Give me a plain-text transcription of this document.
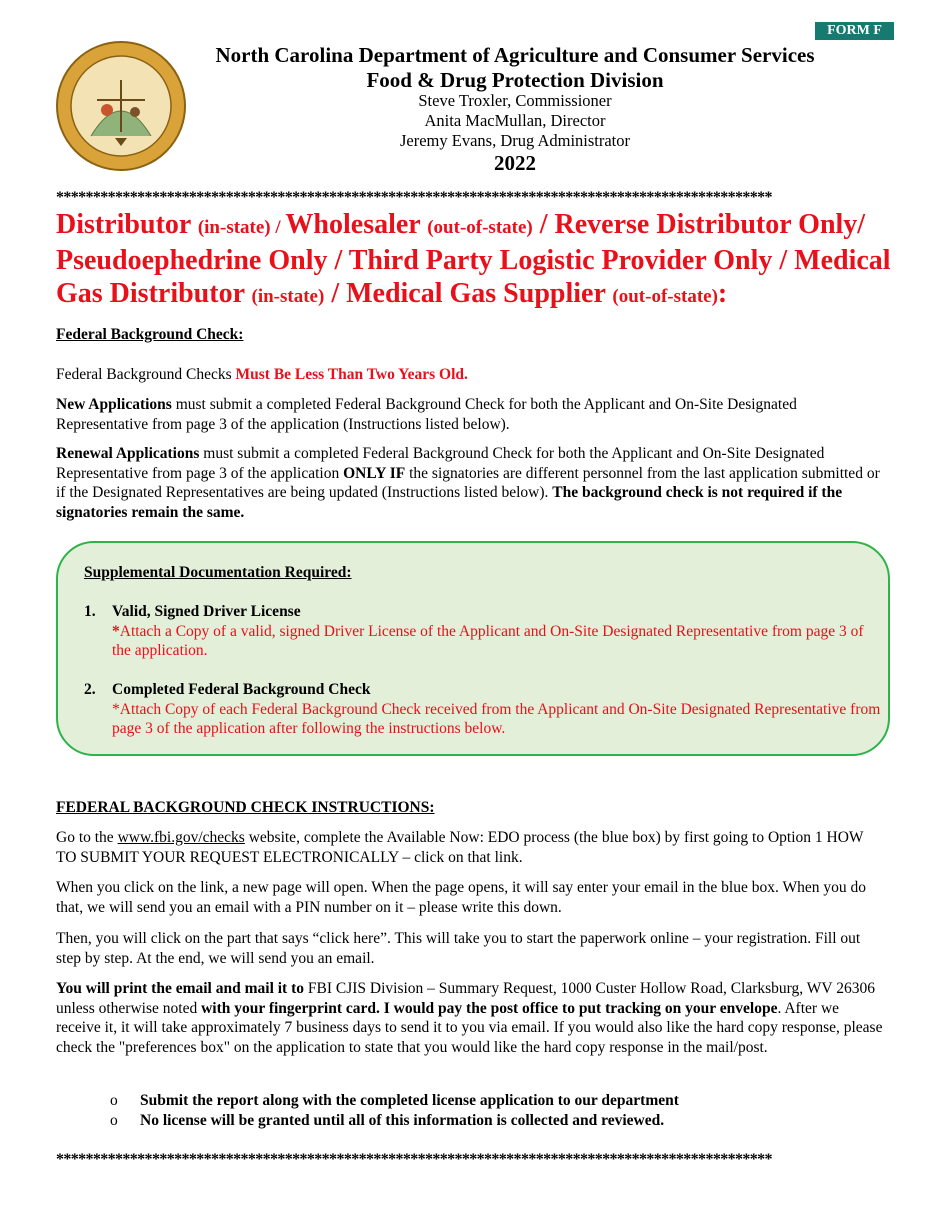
FORM F
North Carolina Department of Agriculture and Consumer Services
Food & Drug Protection Division
Steve Troxler, Commissioner
Anita MacMullan, Director
Jeremy Evans, Drug Administrator
2022
*************************************************************************************************
Distributor (in-state) / Wholesaler (out-of-state) / Reverse Distributor Only/ Pseudoephedrine Only / Third Party Logistic Provider Only / Medical Gas Distributor (in-state) / Medical Gas Supplier (out-of-state):
Federal Background Check:
Federal Background Checks Must Be Less Than Two Years Old.
New Applications must submit a completed Federal Background Check for both the Applicant and On-Site Designated Representative from page 3 of the application (Instructions listed below).
Renewal Applications must submit a completed Federal Background Check for both the Applicant and On-Site Designated Representative from page 3 of the application ONLY IF the signatories are different personnel from the last application submitted or if the Designated Representatives are being updated (Instructions listed below). The background check is not required if the signatories remain the same.
Supplemental Documentation Required:
1. Valid, Signed Driver License
*Attach a Copy of a valid, signed Driver License of the Applicant and On-Site Designated Representative from page 3 of the application.
2. Completed Federal Background Check
*Attach Copy of each Federal Background Check received from the Applicant and On-Site Designated Representative from page 3 of the application after following the instructions below.
FEDERAL BACKGROUND CHECK INSTRUCTIONS:
Go to the www.fbi.gov/checks website, complete the Available Now: EDO process (the blue box) by first going to Option 1 HOW TO SUBMIT YOUR REQUEST ELECTRONICALLY – click on that link.
When you click on the link, a new page will open. When the page opens, it will say enter your email in the blue box. When you do that, we will send you an email with a PIN number on it – please write this down.
Then, you will click on the part that says “click here”. This will take you to start the paperwork online – your registration. Fill out step by step. At the end, we will send you an email.
You will print the email and mail it to FBI CJIS Division – Summary Request, 1000 Custer Hollow Road, Clarksburg, WV 26306 unless otherwise noted with your fingerprint card. I would pay the post office to put tracking on your envelope. After we receive it, it will take approximately 7 business days to send it to you via email. If you would also like the hard copy response, please check the "preferences box" on the application to state that you would like the hard copy response in the mail/post.
o Submit the report along with the completed license application to our department
o No license will be granted until all of this information is collected and reviewed.
*************************************************************************************************
